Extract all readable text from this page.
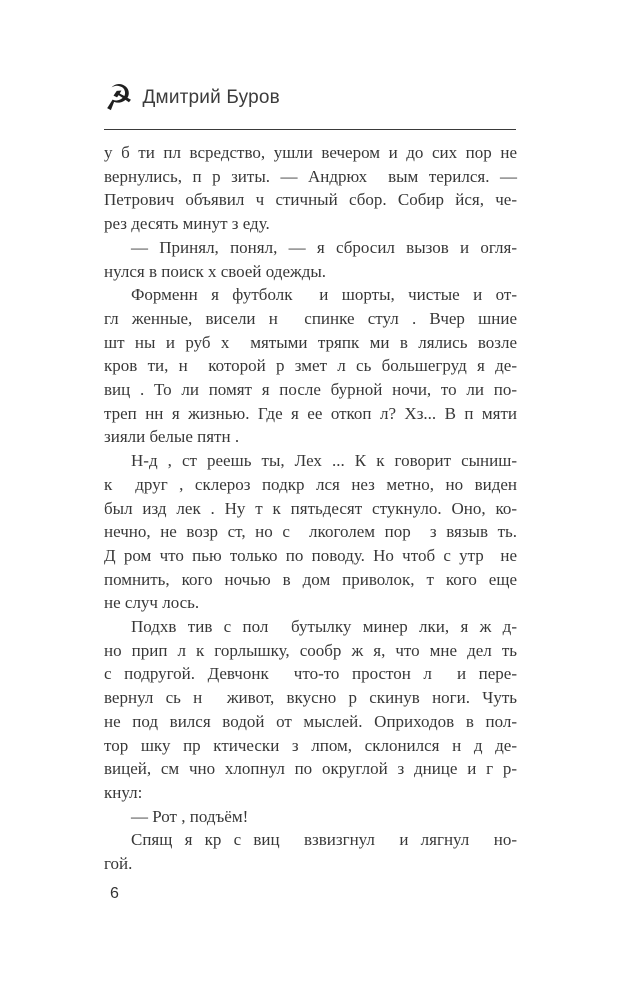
☭ Дмитрий Буров
у б ти пл всредство, ушли вечером и до сих пор не
вернулись, п р зиты. — Андрюх  вым терился. —
Петрович объявил ч стичный сбор. Собир йся, че-
рез десять минут з еду.
— Принял, понял, — я сбросил вызов и огля-
нулся в поиск х своей одежды.
Форменн я футболк  и шорты, чистые и от-
гл женные, висели н  спинке стул . Вчер шние
шт ны и руб х  мятыми тряпк ми в лялись возле
кров ти, н  которой р змет л сь большегруд я де-
виц . То ли помят я после бурной ночи, то ли по-
треп нн я жизнью. Где я ее откоп л? Хз... В п мяти
зияли белые пятн .
Н-д , ст реешь ты, Лех ... К к говорит сыниш-
к  друг , склероз подкр лся нез метно, но виден
был изд лек . Ну т к пятьдесят стукнуло. Оно, ко-
нечно, не возр ст, но с  лкоголем пор  з вязыв ть.
Д ром что пью только по поводу. Но чтоб с утр  не
помнить, кого ночью в дом приволок, т кого еще
не случ лось.
Подхв тив с пол  бутылку минер лки, я ж д-
но прип л к горлышку, сообр ж я, что мне дел ть
с подругой. Девчонк  что-то простон л  и пере-
вернул сь н  живот, вкусно р скинув ноги. Чуть
не под вился водой от мыслей. Оприходов в пол-
тор шку пр ктически з лпом, склонился н д де-
вицей, см чно хлопнул по округлой з днице и г р-
кнул:
— Рот , подъём!
Спящ я кр с виц  взвизгнул  и лягнул  но-
гой.
6
